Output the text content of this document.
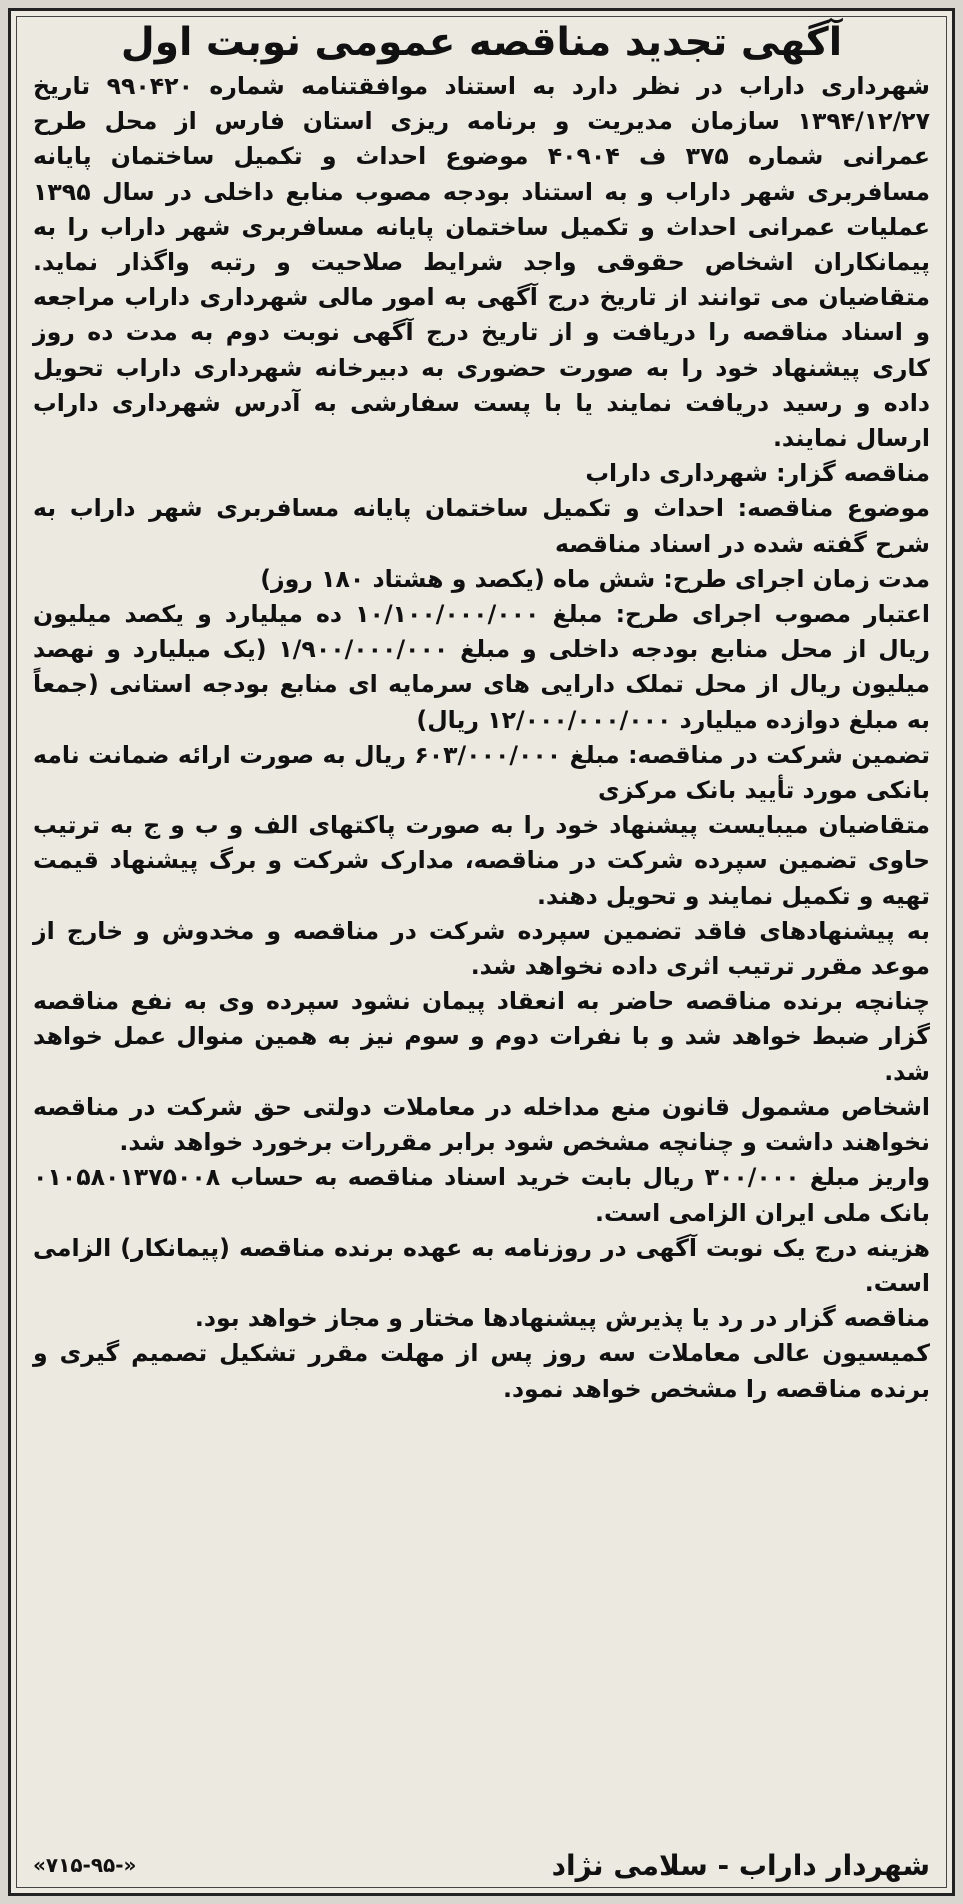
آگهی تجدید مناقصه عمومی نوبت اول

شهرداری داراب در نظر دارد به استناد موافقتنامه شماره ۹۹۰۴۲۰ تاریخ ۱۳۹۴/۱۲/۲۷ سازمان مدیریت و برنامه ریزی استان فارس از محل طرح عمرانی شماره ۳۷۵ ف ۴۰۹۰۴ موضوع احداث و تکمیل ساختمان پایانه مسافربری شهر داراب و به استناد بودجه مصوب منابع داخلی در سال ۱۳۹۵ عملیات عمرانی احداث و تکمیل ساختمان پایانه مسافربری شهر داراب را به پیمانکاران اشخاص حقوقی واجد شرایط صلاحیت و رتبه واگذار نماید. متقاضیان می توانند از تاریخ درج آگهی به امور مالی شهرداری داراب مراجعه و اسناد مناقصه را دریافت و از تاریخ درج آگهی نوبت دوم به مدت ده روز کاری پیشنهاد خود را به صورت حضوری به دبیرخانه شهرداری داراب تحویل داده و رسید دریافت نمایند یا با پست سفارشی به آدرس شهرداری داراب ارسال نمایند.

مناقصه گزار: شهرداری داراب

موضوع مناقصه: احداث و تکمیل ساختمان پایانه مسافربری شهر داراب به شرح گفته شده در اسناد مناقصه

مدت زمان اجرای طرح: شش ماه (یکصد و هشتاد ۱۸۰ روز)

اعتبار مصوب اجرای طرح: مبلغ ۱۰/۱۰۰/۰۰۰/۰۰۰ ده میلیارد و یکصد میلیون ریال از محل منابع بودجه داخلی و مبلغ ۱/۹۰۰/۰۰۰/۰۰۰ (یک میلیارد و نهصد میلیون ریال از محل تملک دارایی های سرمایه ای منابع بودجه استانی (جمعاً به مبلغ دوازده میلیارد ۱۲/۰۰۰/۰۰۰/۰۰۰ ریال)

تضمین شرکت در مناقصه: مبلغ ۶۰۳/۰۰۰/۰۰۰ ریال به صورت ارائه ضمانت نامه بانکی مورد تأیید بانک مرکزی

متقاضیان میبایست پیشنهاد خود را به صورت پاکتهای الف و ب و ج به ترتیب حاوی تضمین سپرده شرکت در مناقصه، مدارک شرکت و برگ پیشنهاد قیمت تهیه و تکمیل نمایند و تحویل دهند.

به پیشنهادهای فاقد تضمین سپرده شرکت در مناقصه و مخدوش و خارج از موعد مقرر ترتیب اثری داده نخواهد شد.

چنانچه برنده مناقصه حاضر به انعقاد پیمان نشود سپرده وی به نفع مناقصه گزار ضبط خواهد شد و با نفرات دوم و سوم نیز به همین منوال عمل خواهد شد.

اشخاص مشمول قانون منع مداخله در معاملات دولتی حق شرکت در مناقصه نخواهند داشت و چنانچه مشخص شود برابر مقررات برخورد خواهد شد.

واریز مبلغ ۳۰۰/۰۰۰ ریال بابت خرید اسناد مناقصه به حساب ۰۱۰۵۸۰۱۳۷۵۰۰۸ بانک ملی ایران الزامی است.

هزینه درج یک نوبت آگهی در روزنامه به عهده برنده مناقصه (پیمانکار) الزامی است.

مناقصه گزار در رد یا پذیرش پیشنهادها مختار و مجاز خواهد بود.

کمیسیون عالی معاملات سه روز پس از مهلت مقرر تشکیل تصمیم گیری و برنده مناقصه را مشخص خواهد نمود.

شهردار داراب - سلامی نژاد
«۷۱۵-۹۵-»
